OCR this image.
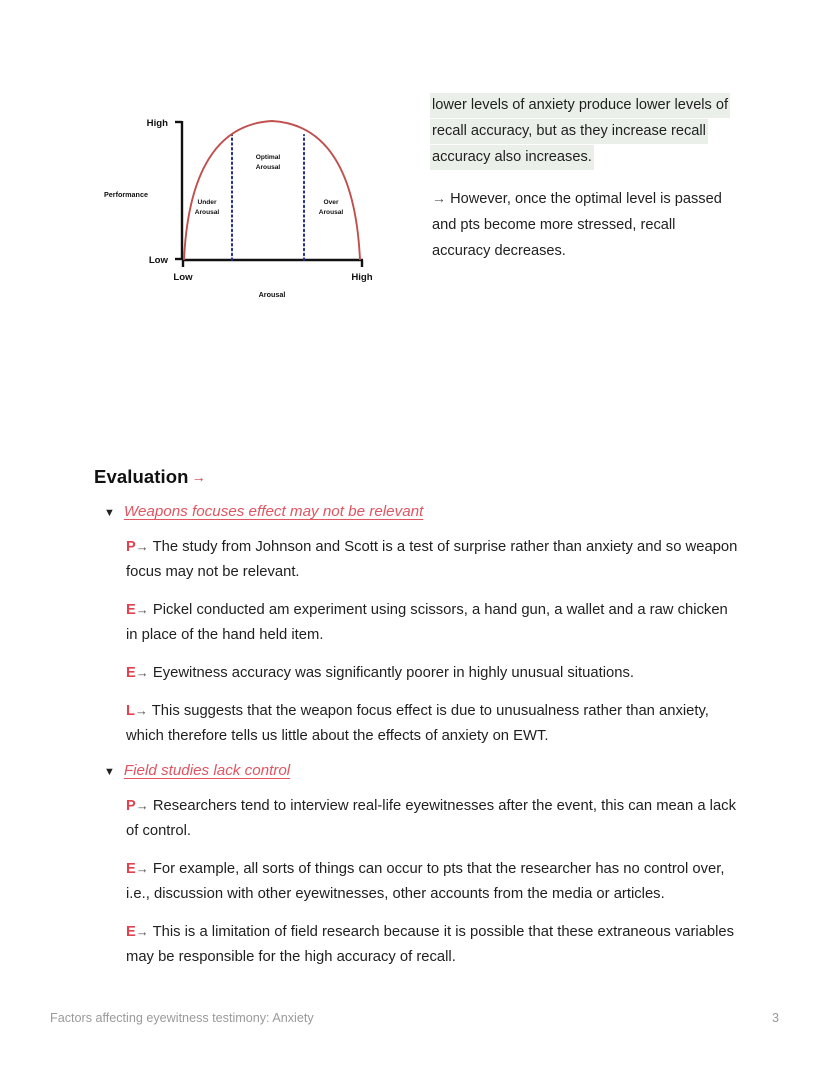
Performance
High
Low
Low	High
Arousal
Under
Arousal
Optimal
Arousal
Over
Arousal
lower levels of anxiety produce lower levels of recall accuracy, but as they increase recall accuracy also increases.
→ However, once the optimal level is passed and pts become more stressed, recall accuracy decreases.
Evaluation →
▼ Weapons focuses effect may not be relevant

P→ The study from Johnson and Scott is a test of surprise rather than anxiety and so weapon focus may not be relevant.

E→ Pickel conducted am experiment using scissors, a hand gun, a wallet and a raw chicken in place of the hand held item.

E→ Eyewitness accuracy was significantly poorer in highly unusual situations.

L→ This suggests that the weapon focus effect is due to unusualness rather than anxiety, which therefore tells us little about the effects of anxiety on EWT.

▼ Field studies lack control

P→ Researchers tend to interview real-life eyewitnesses after the event, this can mean a lack of control.

E→ For example, all sorts of things can occur to pts that the researcher has no control over, i.e., discussion with other eyewitnesses, other accounts from the media or articles.

E→ This is a limitation of field research because it is possible that these extraneous variables may be responsible for the high accuracy of recall.

Factors affecting eyewitness testimony: Anxiety	3
